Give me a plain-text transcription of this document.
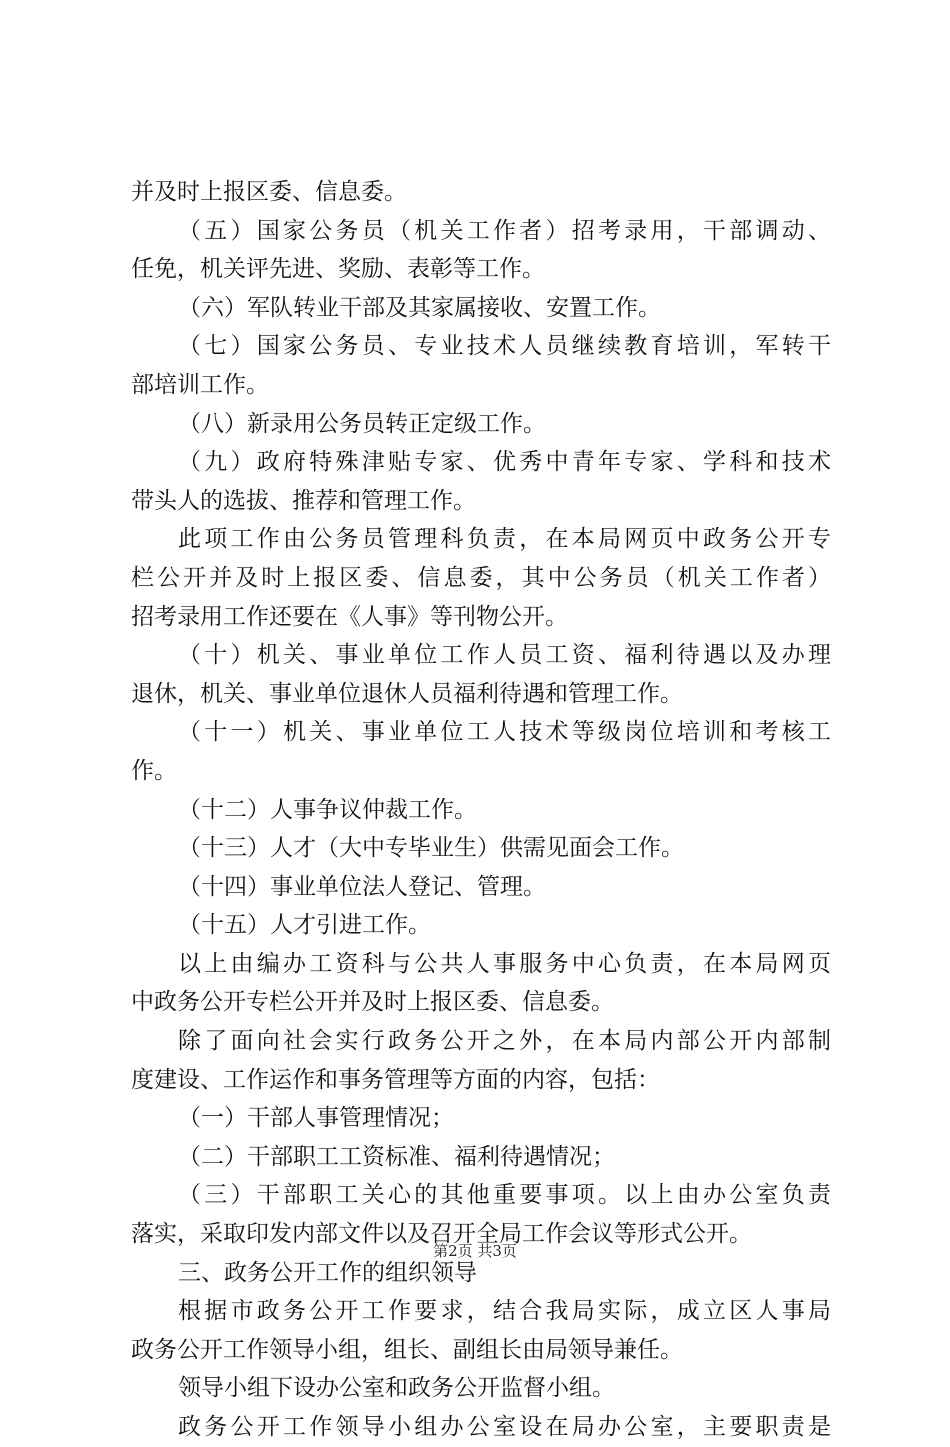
并及时上报区委、信息委。
（五）国家公务员（机关工作者）招考录用，干部调动、
任免，机关评先进、奖励、表彰等工作。
（六）军队转业干部及其家属接收、安置工作。
（七）国家公务员、专业技术人员继续教育培训，军转干
部培训工作。
（八）新录用公务员转正定级工作。
（九）政府特殊津贴专家、优秀中青年专家、学科和技术
带头人的选拔、推荐和管理工作。
此项工作由公务员管理科负责，在本局网页中政务公开专
栏公开并及时上报区委、信息委，其中公务员（机关工作者）
招考录用工作还要在《人事》等刊物公开。
（十）机关、事业单位工作人员工资、福利待遇以及办理
退休，机关、事业单位退休人员福利待遇和管理工作。
（十一）机关、事业单位工人技术等级岗位培训和考核工
作。
（十二）人事争议仲裁工作。
（十三）人才（大中专毕业生）供需见面会工作。
（十四）事业单位法人登记、管理。
（十五）人才引进工作。
以上由编办工资科与公共人事服务中心负责，在本局网页
中政务公开专栏公开并及时上报区委、信息委。
除了面向社会实行政务公开之外，在本局内部公开内部制
度建设、工作运作和事务管理等方面的内容，包括：
（一）干部人事管理情况；
（二）干部职工工资标准、福利待遇情况；
（三）干部职工关心的其他重要事项。以上由办公室负责
落实，采取印发内部文件以及召开全局工作会议等形式公开。
三、政务公开工作的组织领导
根据市政务公开工作要求，结合我局实际，成立区人事局
政务公开工作领导小组，组长、副组长由局领导兼任。
领导小组下设办公室和政务公开监督小组。
政务公开工作领导小组办公室设在局办公室，主要职责是
第2页 共3页
